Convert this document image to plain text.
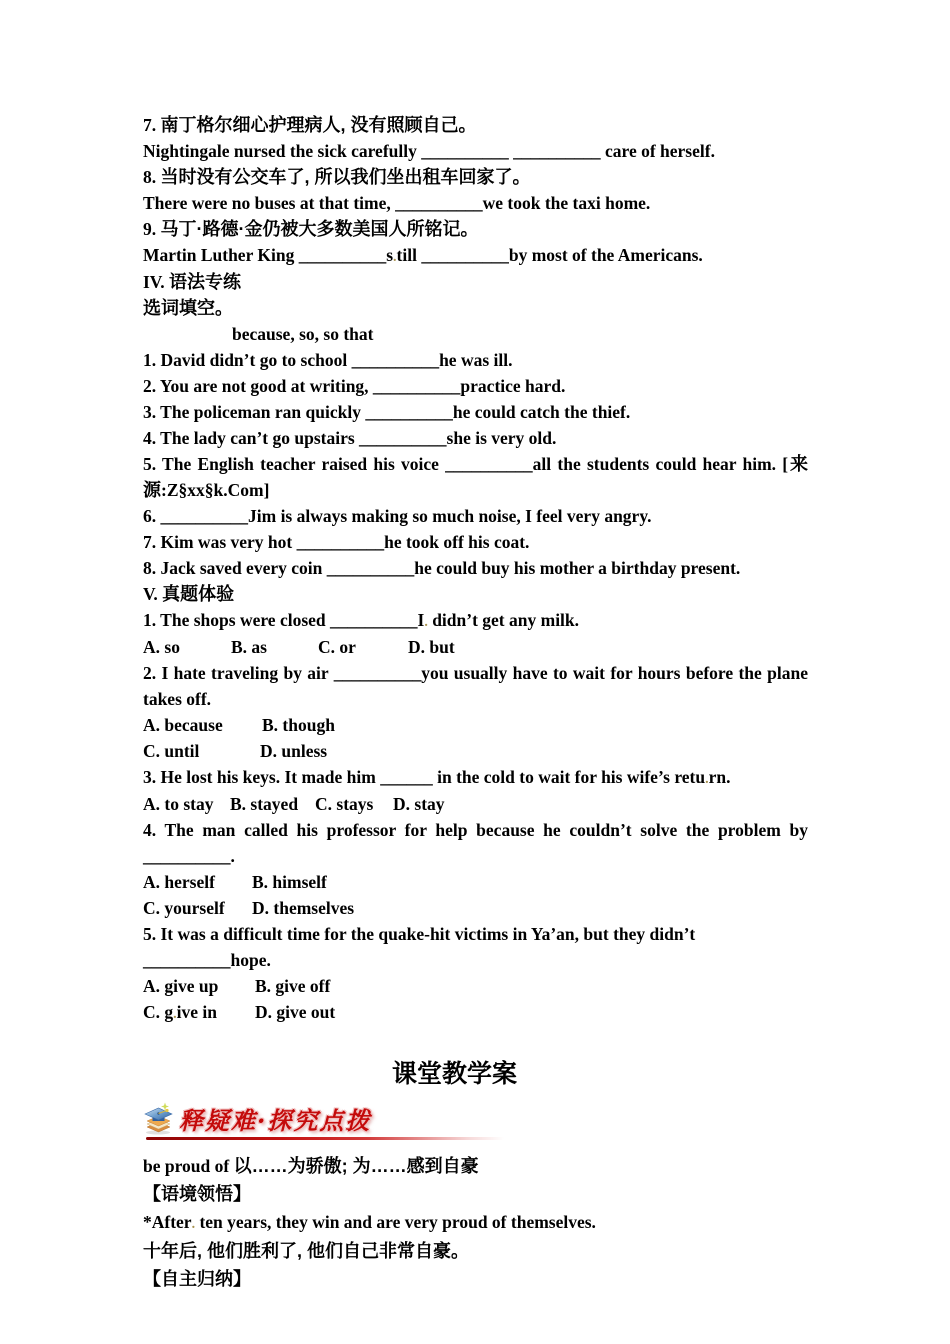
7. 南丁格尔细心护理病人, 没有照顾自己。
Nightingale nursed the sick carefully __________ __________ care of herself.
8. 当时没有公交车了, 所以我们坐出租车回家了。
There were no buses at that time, __________we took the taxi home.
9. 马丁·路德·金仍被大多数美国人所铭记。
Martin Luther King __________s.till __________by most of the Americans.
IV. 语法专练
选词填空。
because, so, so that
1. David didn’t go to school __________he was ill.
2. You are not good at writing, __________practice hard.
3. The policeman ran quickly __________he could catch the thief.
4. The lady can’t go upstairs __________she is very old.
5. The English teacher raised his voice __________all the students could hear him. [来
源:Z§xx§k.Com]
6. __________Jim is always making so much noise, I feel very angry.
7. Kim was very hot __________he took off his coat.
8. Jack saved every coin __________he could buy his mother a birthday present.
V. 真题体验
1. The shops were closed __________I. didn’t get any milk.
A. so	B. as	C. or	D. but
2. I hate traveling by air __________you usually have to wait for hours before the plane
takes off.
A. because	B. though
C. until	D. unless
3. He lost his keys. It made him ______ in the cold to wait for his wife’s retu.rn.
A. to stay B. stayed C. stays	D. stay
4. The man called his professor for help because he couldn’t solve the problem by
__________.
A. herself	B. himself
C. yourself	D. themselves
5. It was a difficult time for the quake-hit victims in Ya’an, but they didn’t __________hope.
A. give up	B. give off
C. g.ive in	D. give out
课堂教学案
释疑难·探究点拨
be proud of 以……为骄傲; 为……感到自豪
【语境领悟】
*After. ten years, they win and are very proud of themselves.
十年后, 他们胜利了, 他们自己非常自豪。
【自主归纳】
